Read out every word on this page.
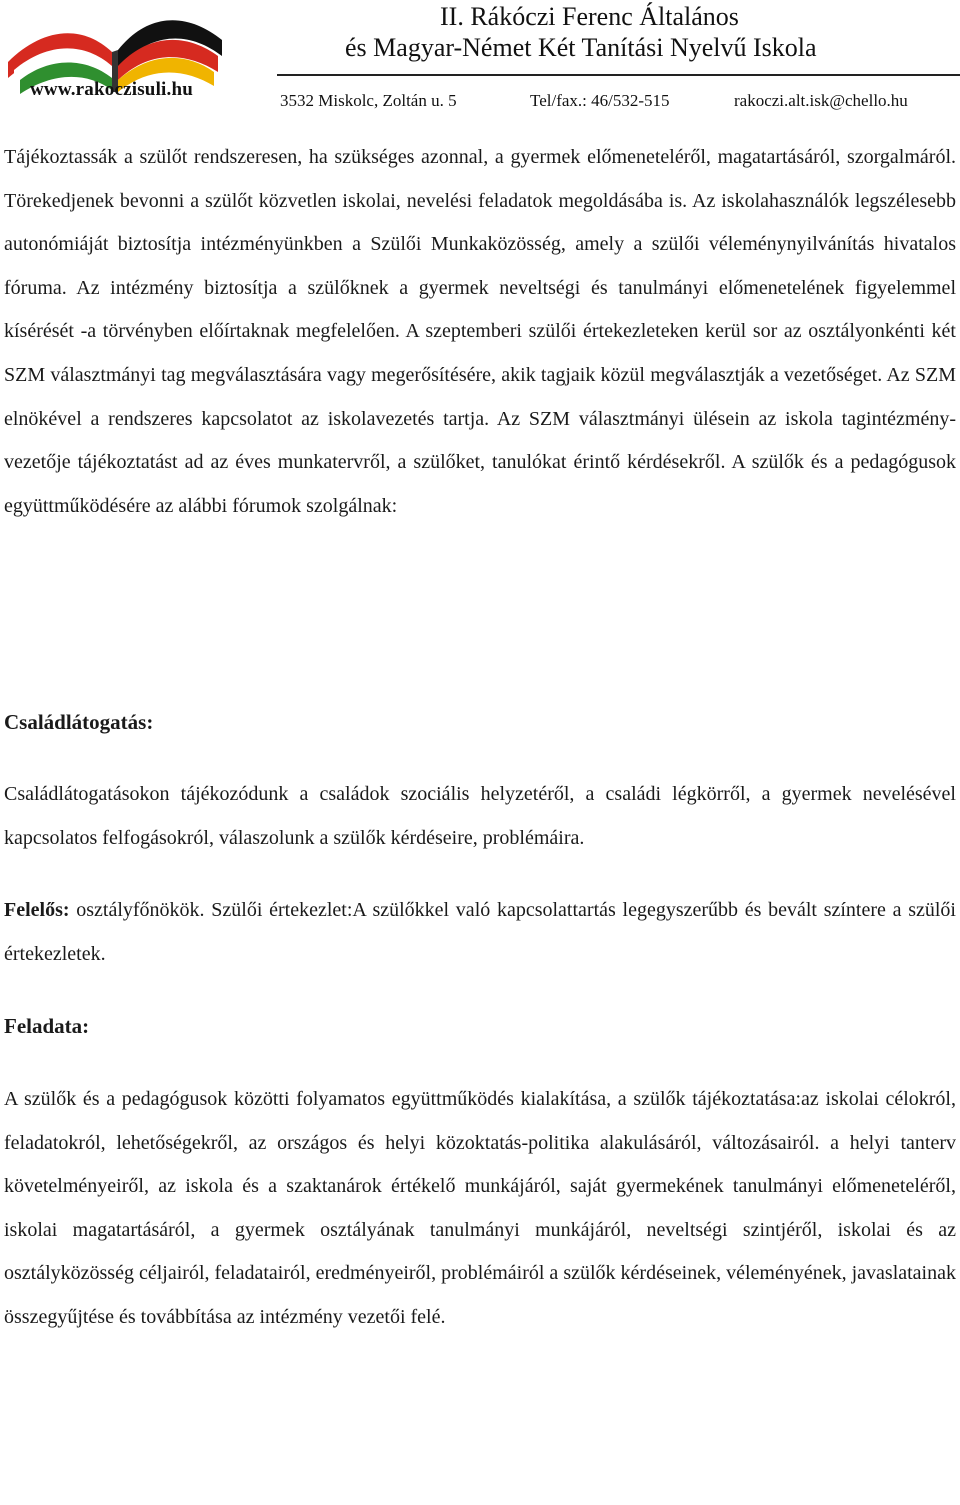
www.rakoczisuli.hu
II. Rákóczi Ferenc Általános
és Magyar-Német Két Tanítási Nyelvű Iskola
3532 Miskolc, Zoltán u. 5	Tel/fax.: 46/532-515	rakoczi.alt.isk@chello.hu

Tájékoztassák a szülőt rendszeresen, ha szükséges azonnal, a gyermek előmeneteléről, magatartásáról, szorgalmáról. Törekedjenek bevonni a szülőt közvetlen iskolai, nevelési feladatok megoldásába is. Az iskolahasználók legszélesebb autonómiáját biztosítja intézményünkben a Szülői Munkaközösség, amely a szülői véleménynyilvánítás hivatalos fóruma. Az intézmény biztosítja a szülőknek a gyermek neveltségi és tanulmányi előmenetelének figyelemmel kísérését -a törvényben előírtaknak megfelelően. A szeptemberi szülői értekezleteken kerül sor az osztályonkénti két SZM választmányi tag megválasztására vagy megerősítésére, akik tagjaik közül megválasztják a vezetőséget. Az SZM elnökével a rendszeres kapcsolatot az iskolavezetés tartja. Az SZM választmányi ülésein az iskola tagintézmény-vezetője tájékoztatást ad az éves munkatervről, a szülőket, tanulókat érintő kérdésekről. A szülők és a pedagógusok együttműködésére az alábbi fórumok szolgálnak:

Családlátogatás:

Családlátogatásokon tájékozódunk a családok szociális helyzetéről, a családi légkörről, a gyermek nevelésével kapcsolatos felfogásokról, válaszolunk a szülők kérdéseire, problémáira.

Felelős: osztályfőnökök. Szülői értekezlet:A szülőkkel való kapcsolattartás legegyszerűbb és bevált színtere a szülői értekezletek.

Feladata:

A szülők és a pedagógusok közötti folyamatos együttműködés kialakítása, a szülők tájékoztatása:az iskolai célokról, feladatokról, lehetőségekről, az országos és helyi közoktatás-politika alakulásáról, változásairól. a helyi tanterv követelményeiről, az iskola és a szaktanárok értékelő munkájáról, saját gyermekének tanulmányi előmeneteléről, iskolai magatartásáról, a gyermek osztályának tanulmányi munkájáról, neveltségi szintjéről, iskolai és az osztályközösség céljairól, feladatairól, eredményeiről, problémáiról a szülők kérdéseinek, véleményének, javaslatainak összegyűjtése és továbbítása az intézmény vezetői felé.
